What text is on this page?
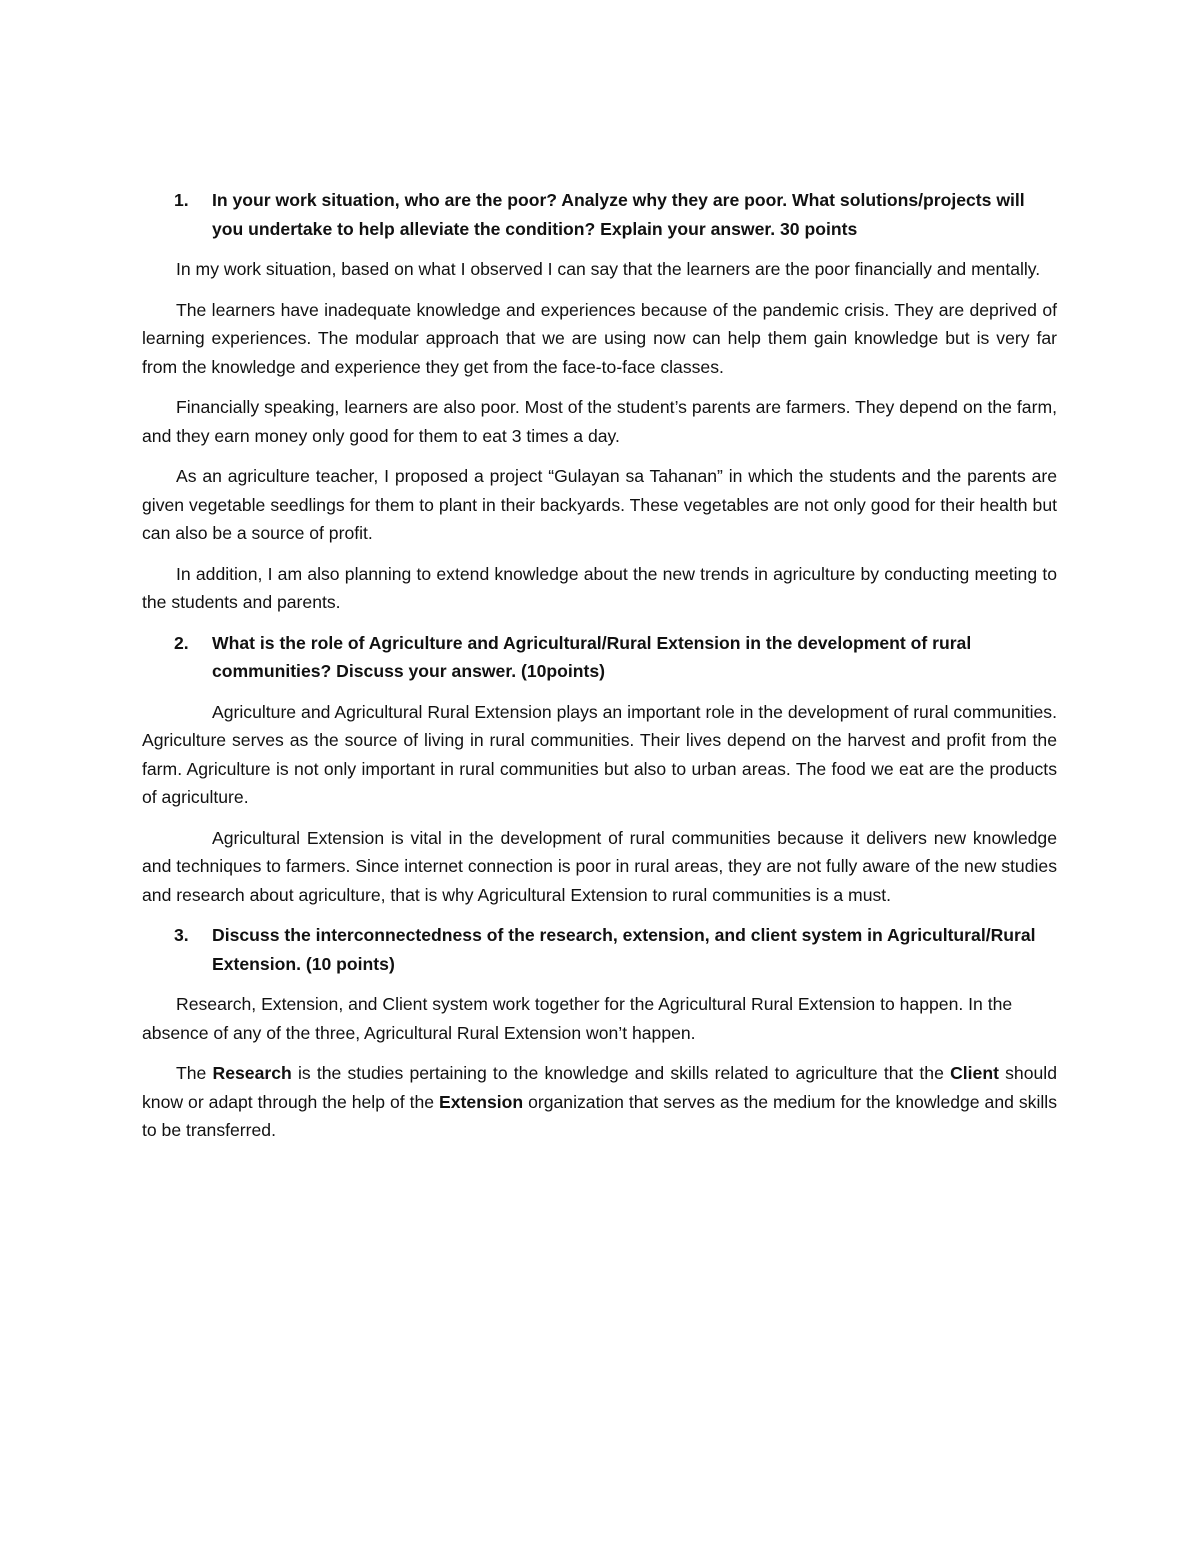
1. In your work situation, who are the poor? Analyze why they are poor. What solutions/projects will you undertake to help alleviate the condition? Explain your answer. 30 points

In my work situation, based on what I observed I can say that the learners are the poor financially and mentally.

The learners have inadequate knowledge and experiences because of the pandemic crisis. They are deprived of learning experiences. The modular approach that we are using now can help them gain knowledge but is very far from the knowledge and experience they get from the face-to-face classes.

Financially speaking, learners are also poor. Most of the student’s parents are farmers. They depend on the farm, and they earn money only good for them to eat 3 times a day.

As an agriculture teacher, I proposed a project “Gulayan sa Tahanan” in which the students and the parents are given vegetable seedlings for them to plant in their backyards. These vegetables are not only good for their health but can also be a source of profit.

In addition, I am also planning to extend knowledge about the new trends in agriculture by conducting meeting to the students and parents.

2. What is the role of Agriculture and Agricultural/Rural Extension in the development of rural communities? Discuss your answer. (10points)

Agriculture and Agricultural Rural Extension plays an important role in the development of rural communities. Agriculture serves as the source of living in rural communities. Their lives depend on the harvest and profit from the farm. Agriculture is not only important in rural communities but also to urban areas. The food we eat are the products of agriculture.

Agricultural Extension is vital in the development of rural communities because it delivers new knowledge and techniques to farmers. Since internet connection is poor in rural areas, they are not fully aware of the new studies and research about agriculture, that is why Agricultural Extension to rural communities is a must.

3. Discuss the interconnectedness of the research, extension, and client system in Agricultural/Rural Extension. (10 points)

Research, Extension, and Client system work together for the Agricultural Rural Extension to happen. In the absence of any of the three, Agricultural Rural Extension won’t happen.

The Research is the studies pertaining to the knowledge and skills related to agriculture that the Client should know or adapt through the help of the Extension organization that serves as the medium for the knowledge and skills to be transferred.
